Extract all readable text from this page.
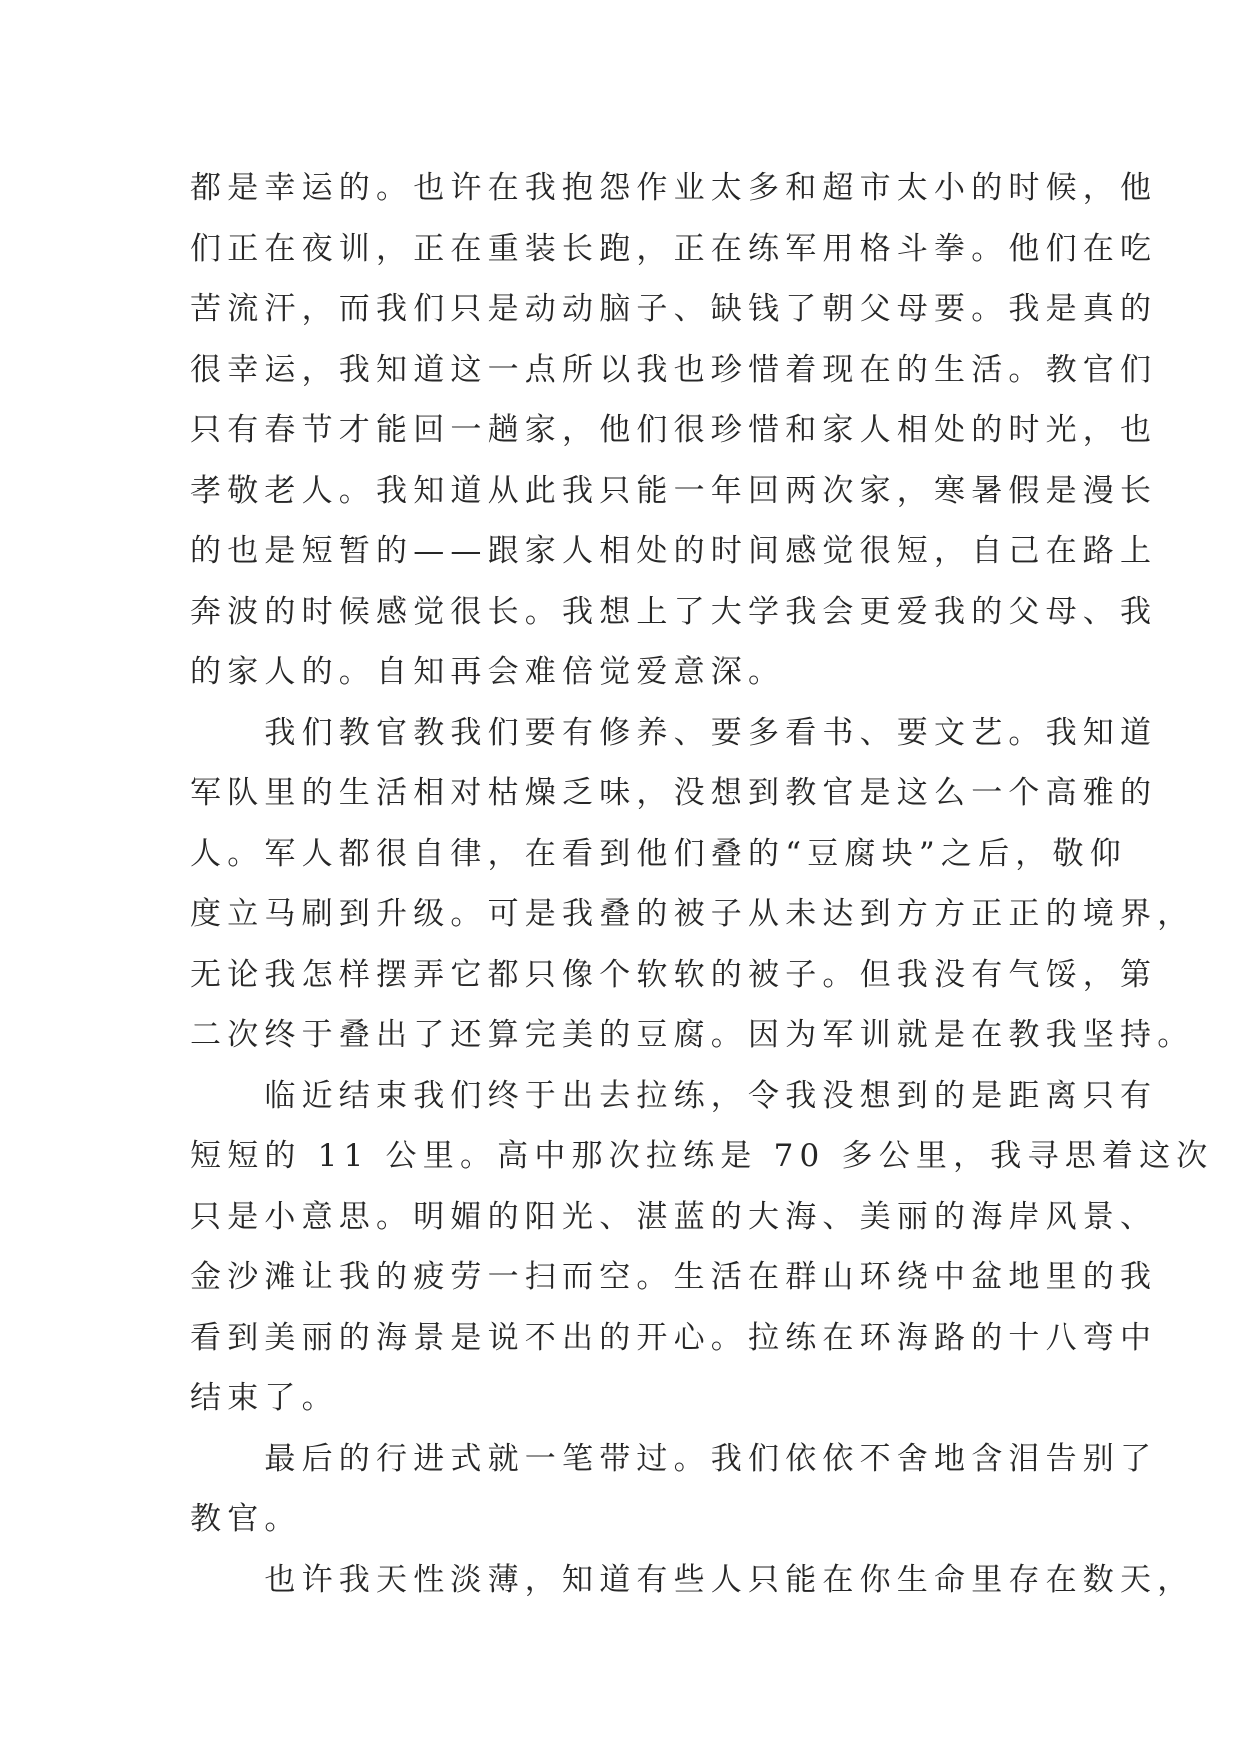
都是幸运的。也许在我抱怨作业太多和超市太小的时候，他
们正在夜训，正在重装长跑，正在练军用格斗拳。他们在吃
苦流汗，而我们只是动动脑子、缺钱了朝父母要。我是真的
很幸运，我知道这一点所以我也珍惜着现在的生活。教官们
只有春节才能回一趟家，他们很珍惜和家人相处的时光，也
孝敬老人。我知道从此我只能一年回两次家，寒暑假是漫长
的也是短暂的——跟家人相处的时间感觉很短，自己在路上
奔波的时候感觉很长。我想上了大学我会更爱我的父母、我
的家人的。自知再会难倍觉爱意深。
　　我们教官教我们要有修养、要多看书、要文艺。我知道
军队里的生活相对枯燥乏味，没想到教官是这么一个高雅的
人。军人都很自律，在看到他们叠的“豆腐块”之后，敬仰
度立马刷到升级。可是我叠的被子从未达到方方正正的境界，
无论我怎样摆弄它都只像个软软的被子。但我没有气馁，第
二次终于叠出了还算完美的豆腐。因为军训就是在教我坚持。
　　临近结束我们终于出去拉练，令我没想到的是距离只有
短短的 11 公里。高中那次拉练是 70 多公里，我寻思着这次
只是小意思。明媚的阳光、湛蓝的大海、美丽的海岸风景、
金沙滩让我的疲劳一扫而空。生活在群山环绕中盆地里的我
看到美丽的海景是说不出的开心。拉练在环海路的十八弯中
结束了。
　　最后的行进式就一笔带过。我们依依不舍地含泪告别了
教官。
　　也许我天性淡薄，知道有些人只能在你生命里存在数天，
